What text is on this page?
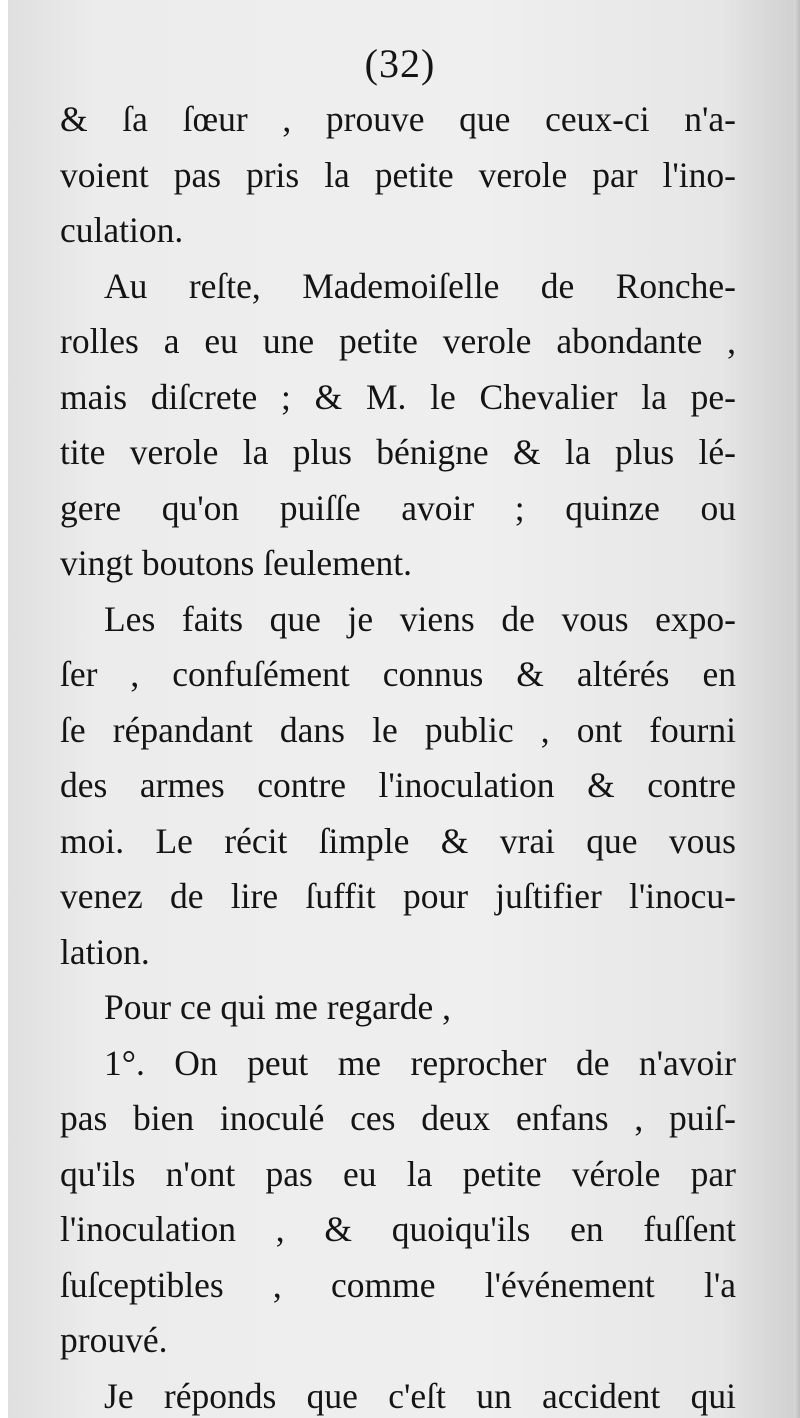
(32)
& ſa ſœur , prouve que ceux-ci n'a-
voient pas pris la petite verole par l'ino-
culation.
Au reſte, Mademoiſelle de Ronche-
rolles a eu une petite verole abondante ,
mais diſcrete ; & M. le Chevalier la pe-
tite verole la plus bénigne & la plus lé-
gere qu'on puiſſe avoir ; quinze ou
vingt boutons ſeulement.
Les faits que je viens de vous expo-
ſer , confuſément connus & altérés en
ſe répandant dans le public , ont fourni
des armes contre l'inoculation & contre
moi. Le récit ſimple & vrai que vous
venez de lire ſuffit pour juſtifier l'inocu-
lation.
Pour ce qui me regarde ,
1°. On peut me reprocher de n'avoir
pas bien inoculé ces deux enfans , puiſ-
qu'ils n'ont pas eu la petite vérole par
l'inoculation , & quoiqu'ils en fuſſent
ſuſceptibles , comme l'événement l'a
prouvé.
Je réponds que c'eſt un accident qui
